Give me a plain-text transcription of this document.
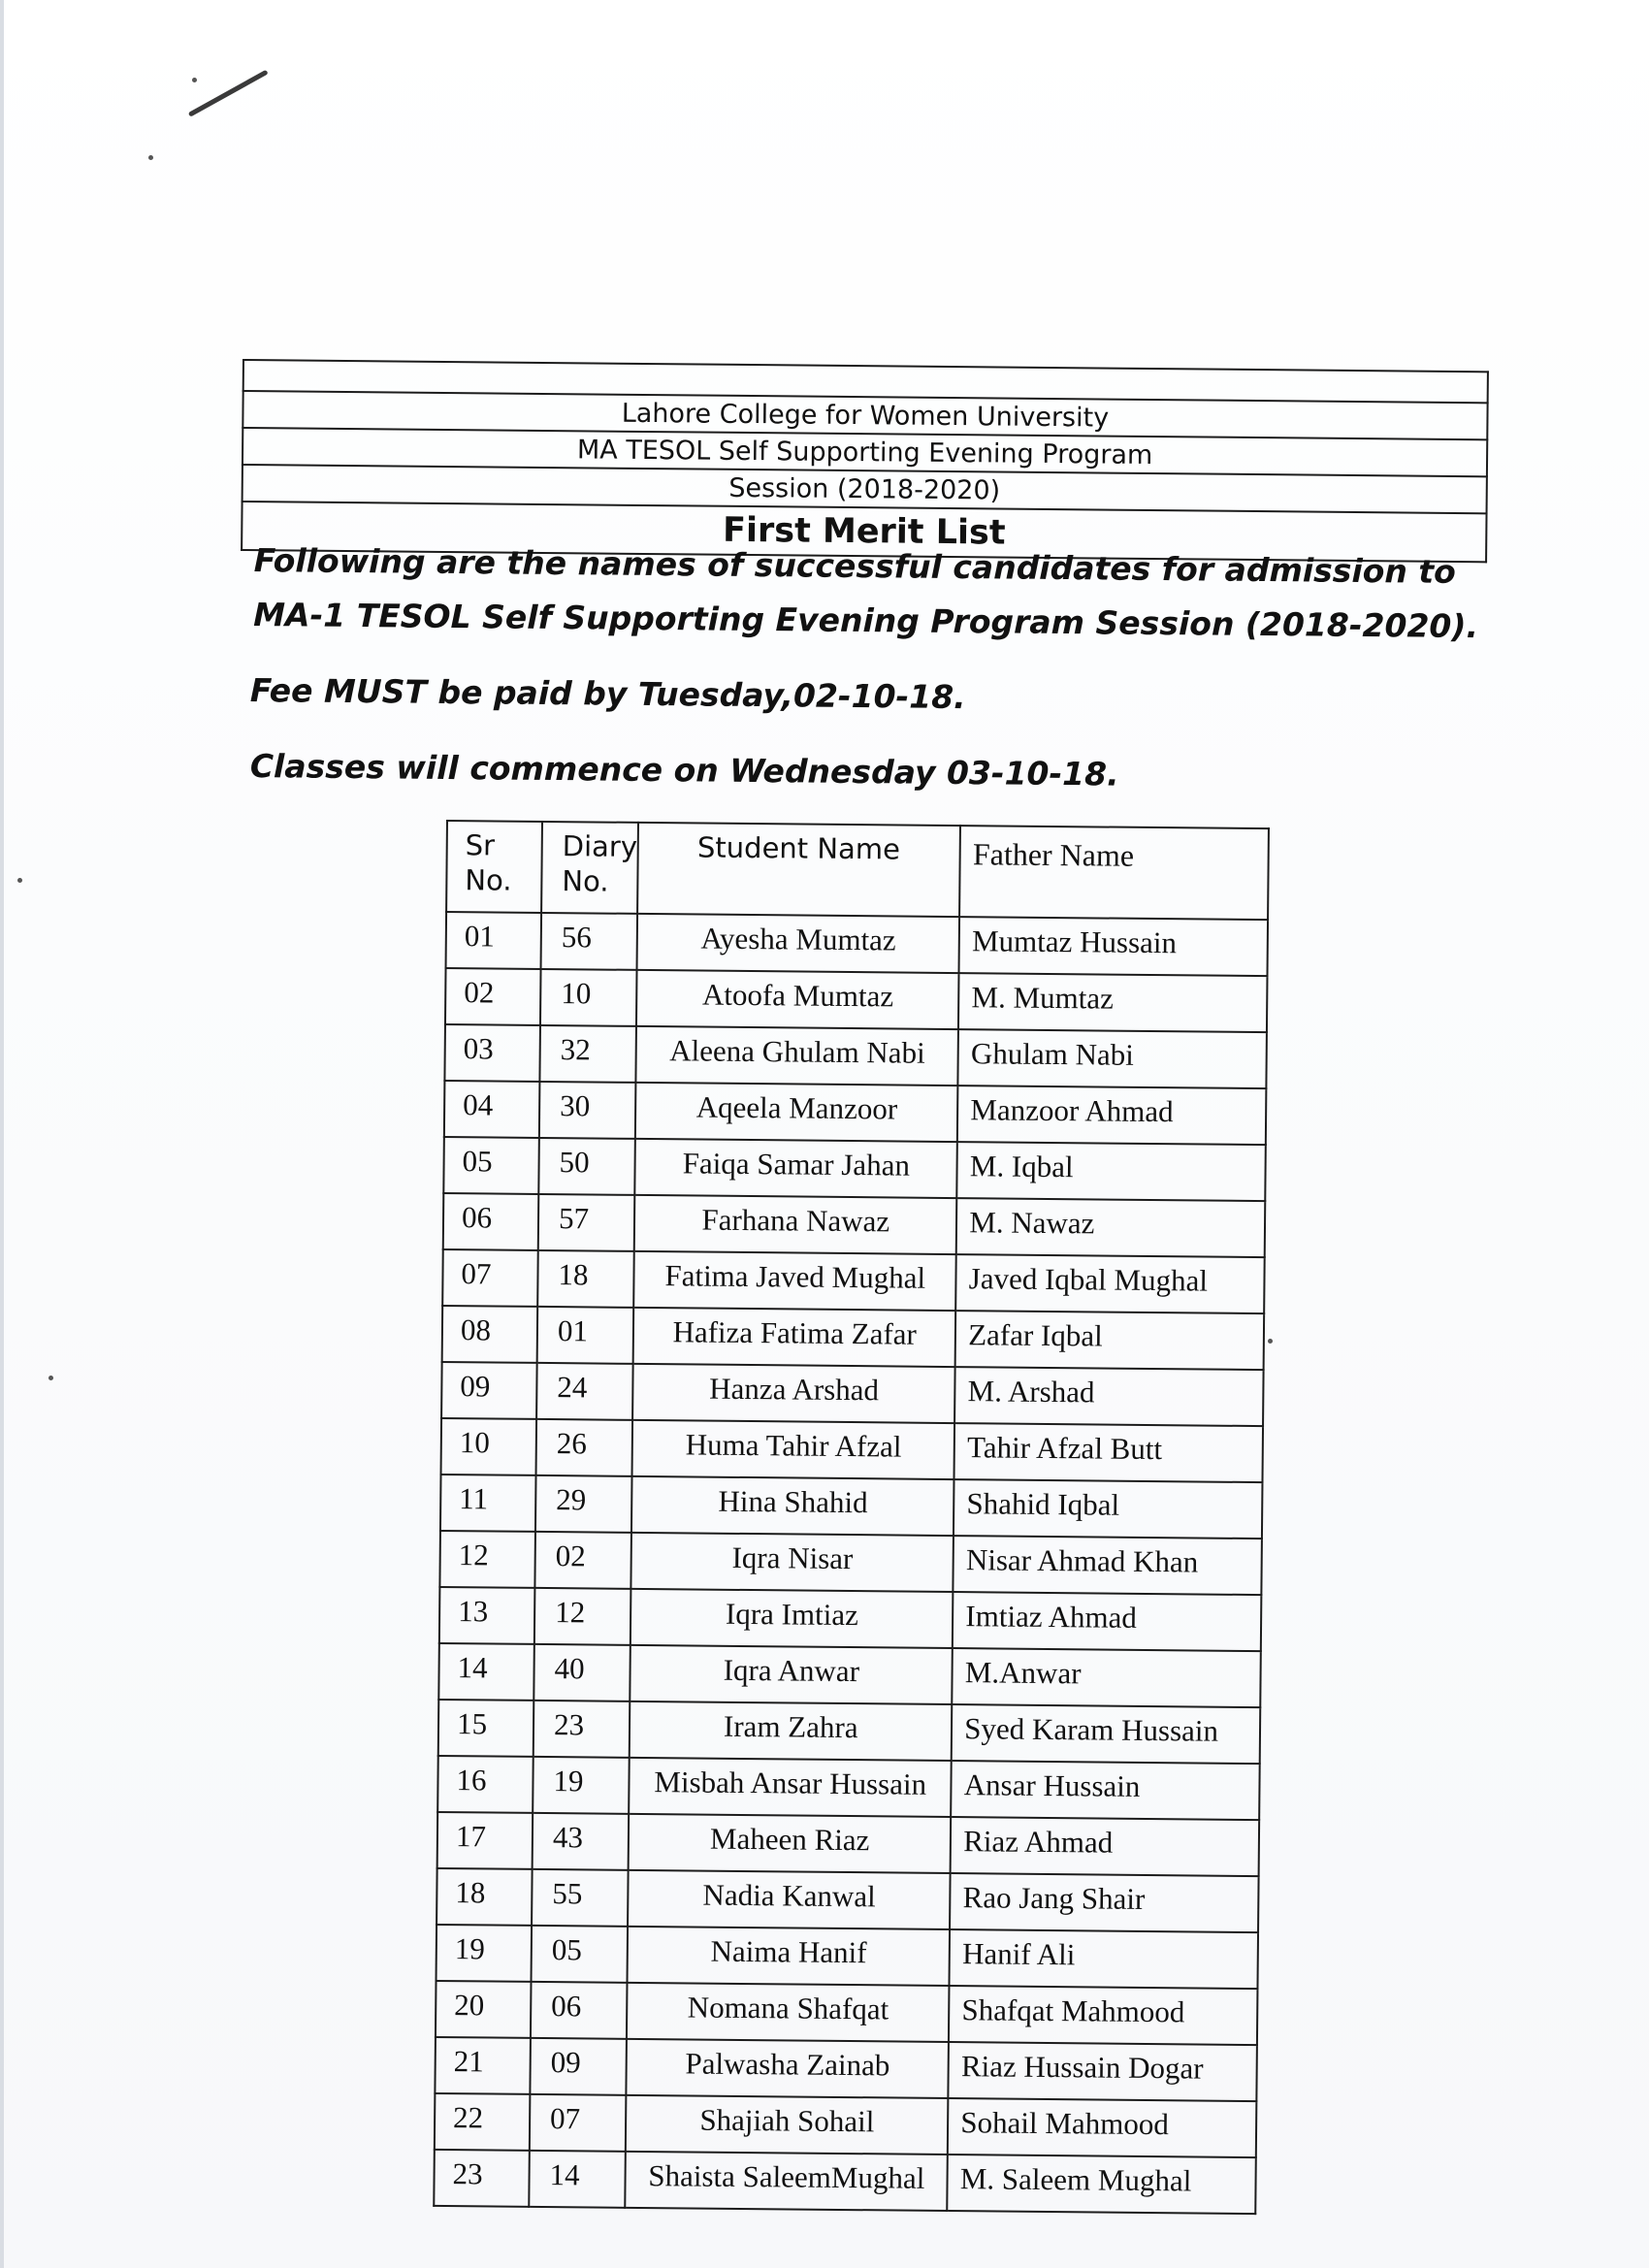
Lahore College for Women University
MA TESOL Self Supporting Evening Program
Session (2018-2020)
First Merit List

Following are the names of successful candidates for admission to MA-1 TESOL Self Supporting Evening Program Session (2018-2020).

Fee MUST be paid by Tuesday,02-10-18.

Classes will commence on Wednesday 03-10-18.

Sr No.	Diary No.	Student Name	Father Name
01	56	Ayesha Mumtaz	Mumtaz Hussain
02	10	Atoofa Mumtaz	M. Mumtaz
03	32	Aleena Ghulam Nabi	Ghulam Nabi
04	30	Aqeela Manzoor	Manzoor Ahmad
05	50	Faiqa Samar Jahan	M. Iqbal
06	57	Farhana Nawaz	M. Nawaz
07	18	Fatima Javed Mughal	Javed Iqbal Mughal
08	01	Hafiza Fatima Zafar	Zafar Iqbal
09	24	Hanza Arshad	M. Arshad
10	26	Huma Tahir Afzal	Tahir Afzal Butt
11	29	Hina Shahid	Shahid Iqbal
12	02	Iqra Nisar	Nisar Ahmad Khan
13	12	Iqra Imtiaz	Imtiaz Ahmad
14	40	Iqra Anwar	M.Anwar
15	23	Iram Zahra	Syed Karam Hussain
16	19	Misbah Ansar Hussain	Ansar Hussain
17	43	Maheen Riaz	Riaz Ahmad
18	55	Nadia Kanwal	Rao Jang Shair
19	05	Naima Hanif	Hanif Ali
20	06	Nomana Shafqat	Shafqat Mahmood
21	09	Palwasha Zainab	Riaz Hussain Dogar
22	07	Shajiah Sohail	Sohail Mahmood
23	14	Shaista SaleemMughal	M. Saleem Mughal
